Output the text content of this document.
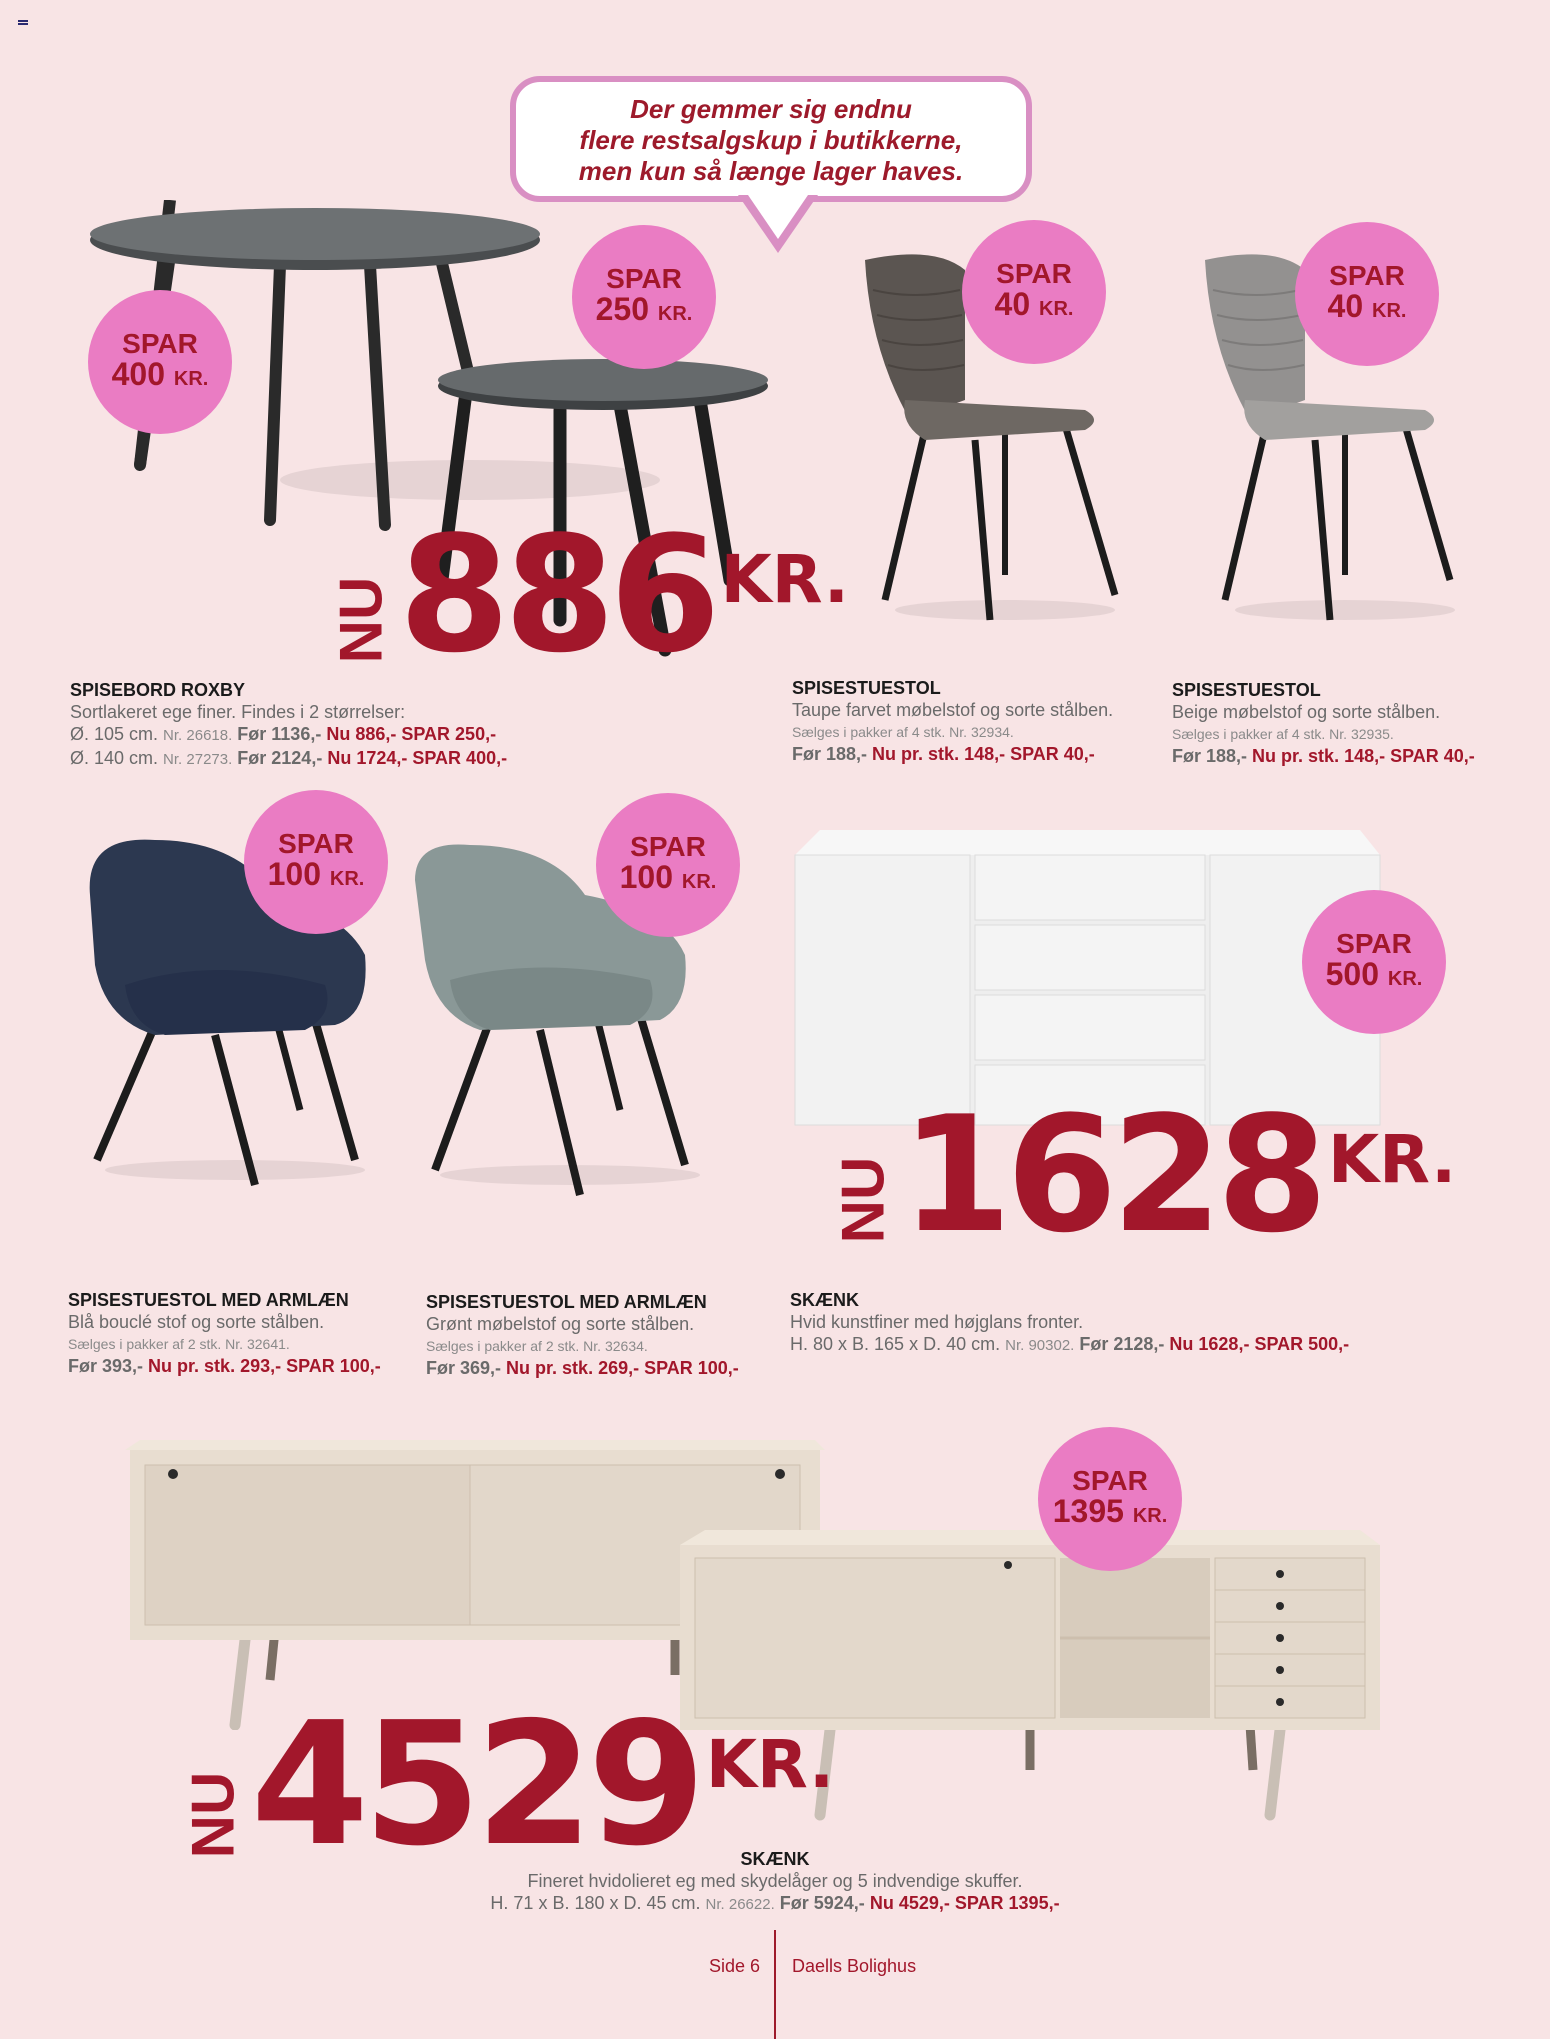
Der gemmer sig endnu
flere restsalgskup i butikkerne,
men kun så længe lager haves.
SPAR
400 KR.
SPAR
250 KR.
SPAR
40 KR.
SPAR
40 KR.
SPAR
100 KR.
SPAR
100 KR.
SPAR
500 KR.
SPAR
1395 KR.
NU 886 KR.
NU 1628 KR.
NU 4529 KR.
SPISEBORD ROXBY
Sortlakeret ege finer. Findes i 2 størrelser:
Ø. 105 cm. Nr. 26618. Før 1136,- Nu 886,- SPAR 250,-
Ø. 140 cm. Nr. 27273. Før 2124,- Nu 1724,- SPAR 400,-
SPISESTUESTOL
Taupe farvet møbelstof og sorte stålben.
Sælges i pakker af 4 stk. Nr. 32934.
Før 188,- Nu pr. stk. 148,- SPAR 40,-
SPISESTUESTOL
Beige møbelstof og sorte stålben.
Sælges i pakker af 4 stk. Nr. 32935.
Før 188,- Nu pr. stk. 148,- SPAR 40,-
SPISESTUESTOL MED ARMLÆN
Blå bouclé stof og sorte stålben.
Sælges i pakker af 2 stk. Nr. 32641.
Før 393,- Nu pr. stk. 293,- SPAR 100,-
SPISESTUESTOL MED ARMLÆN
Grønt møbelstof og sorte stålben.
Sælges i pakker af 2 stk. Nr. 32634.
Før 369,- Nu pr. stk. 269,- SPAR 100,-
SKÆNK
Hvid kunstfiner med højglans fronter.
H. 80 x B. 165 x D. 40 cm. Nr. 90302. Før 2128,- Nu 1628,- SPAR 500,-
SKÆNK
Fineret hvidolieret eg med skydelåger og 5 indvendige skuffer.
H. 71 x B. 180 x D. 45 cm. Nr. 26622. Før 5924,- Nu 4529,- SPAR 1395,-
Side 6 Daells Bolighus
